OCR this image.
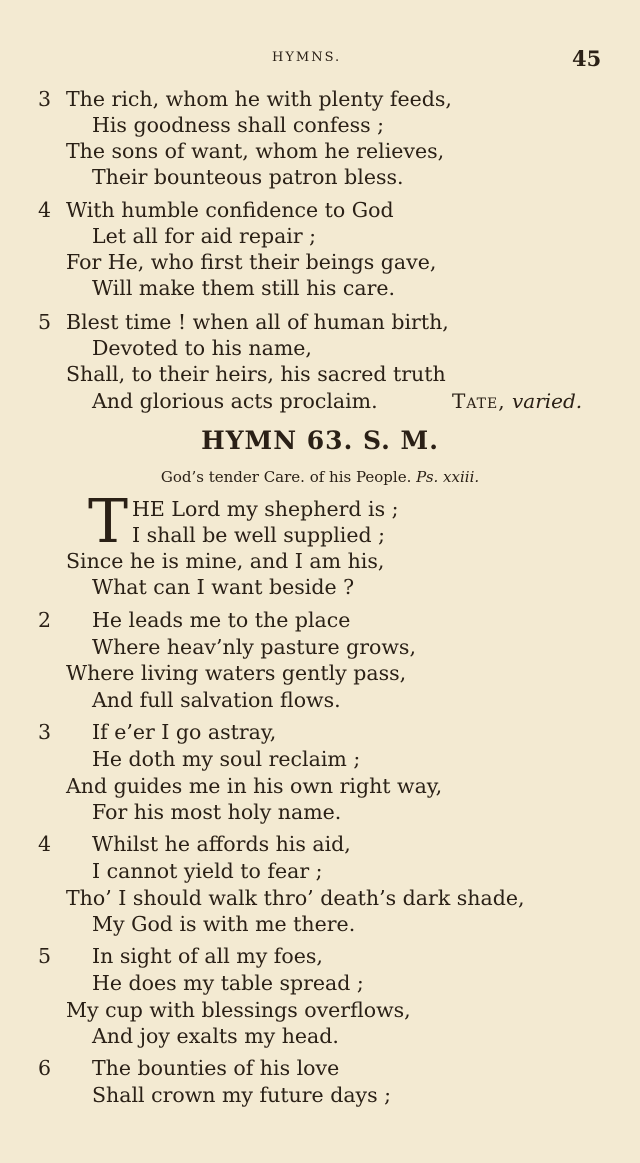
HYMNS.	45
3 The rich, whom he with plenty feeds,
His goodness shall confess ;
The sons of want, whom he relieves,
Their bounteous patron bless.
4 With humble confidence to God
Let all for aid repair ;
For He, who first their beings gave,
Will make them still his care.
5 Blest time ! when all of human birth,
Devoted to his name,
Shall, to their heirs, his sacred truth
And glorious acts proclaim.	Tate, varied.
HYMN 63. S. M.
God’s tender Care. of his People. Ps. xxiii.
T HE Lord my shepherd is ;
I shall be well supplied ;
Since he is mine, and I am his,
What can I want beside ?
2 He leads me to the place
Where heav’nly pasture grows,
Where living waters gently pass,
And full salvation flows.
3 If e’er I go astray,
He doth my soul reclaim ;
And guides me in his own right way,
For his most holy name.
4 Whilst he affords his aid,
I cannot yield to fear ;
Tho’ I should walk thro’ death’s dark shade,
My God is with me there.
5 In sight of all my foes,
He does my table spread ;
My cup with blessings overflows,
And joy exalts my head.
6 The bounties of his love
Shall crown my future days ;
